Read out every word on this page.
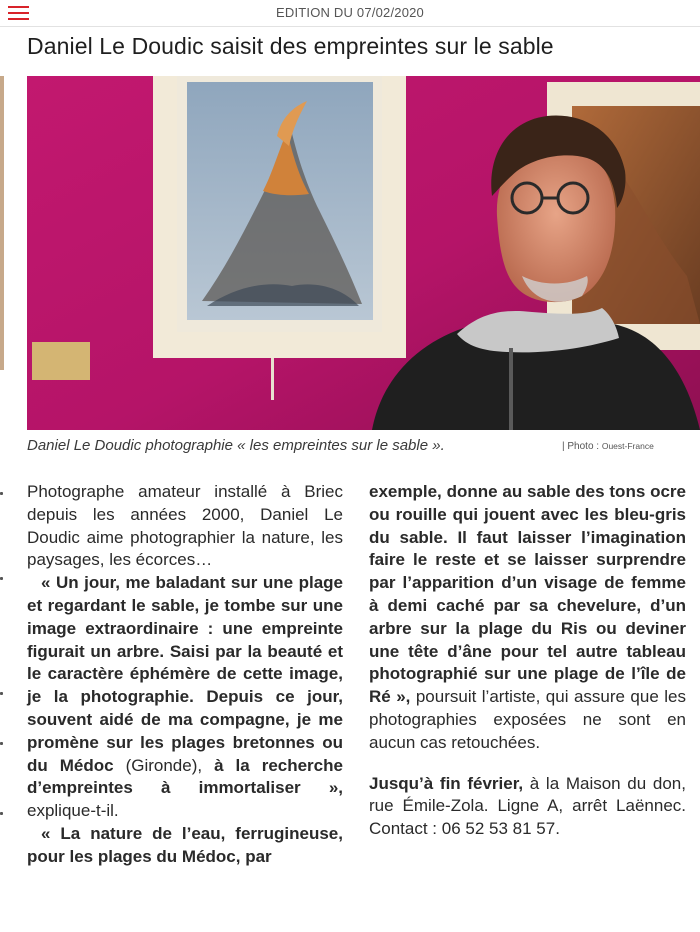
EDITION DU 07/02/2020
Daniel Le Doudic saisit des empreintes sur le sable
Daniel Le Doudic photographie « les empreintes sur le sable ».	| Photo : Ouest-France

Photographe amateur installé à Briec depuis les années 2000, Daniel Le Doudic aime photographier la nature, les paysages, les écorces…

« Un jour, me baladant sur une plage et regardant le sable, je tombe sur une image extraordinaire : une empreinte figurait un arbre. Saisi par la beauté et le caractère éphémère de cette image, je la photographie. Depuis ce jour, souvent aidé de ma compagne, je me promène sur les plages bretonnes ou du Médoc (Gironde), à la recherche d’empreintes à immortaliser », explique-t-il.

« La nature de l’eau, ferrugineuse, pour les plages du Médoc, par

exemple, donne au sable des tons ocre ou rouille qui jouent avec les bleu-gris du sable. Il faut laisser l’imagination faire le reste et se laisser surprendre par l’apparition d’un visage de femme à demi caché par sa chevelure, d’un arbre sur la plage du Ris ou deviner une tête d’âne pour tel autre tableau photographié sur une plage de l’île de Ré », poursuit l’artiste, qui assure que les photographies exposées ne sont en aucun cas retouchées.

Jusqu’à fin février, à la Maison du don, rue Émile-Zola. Ligne A, arrêt Laënnec. Contact : 06 52 53 81 57.
